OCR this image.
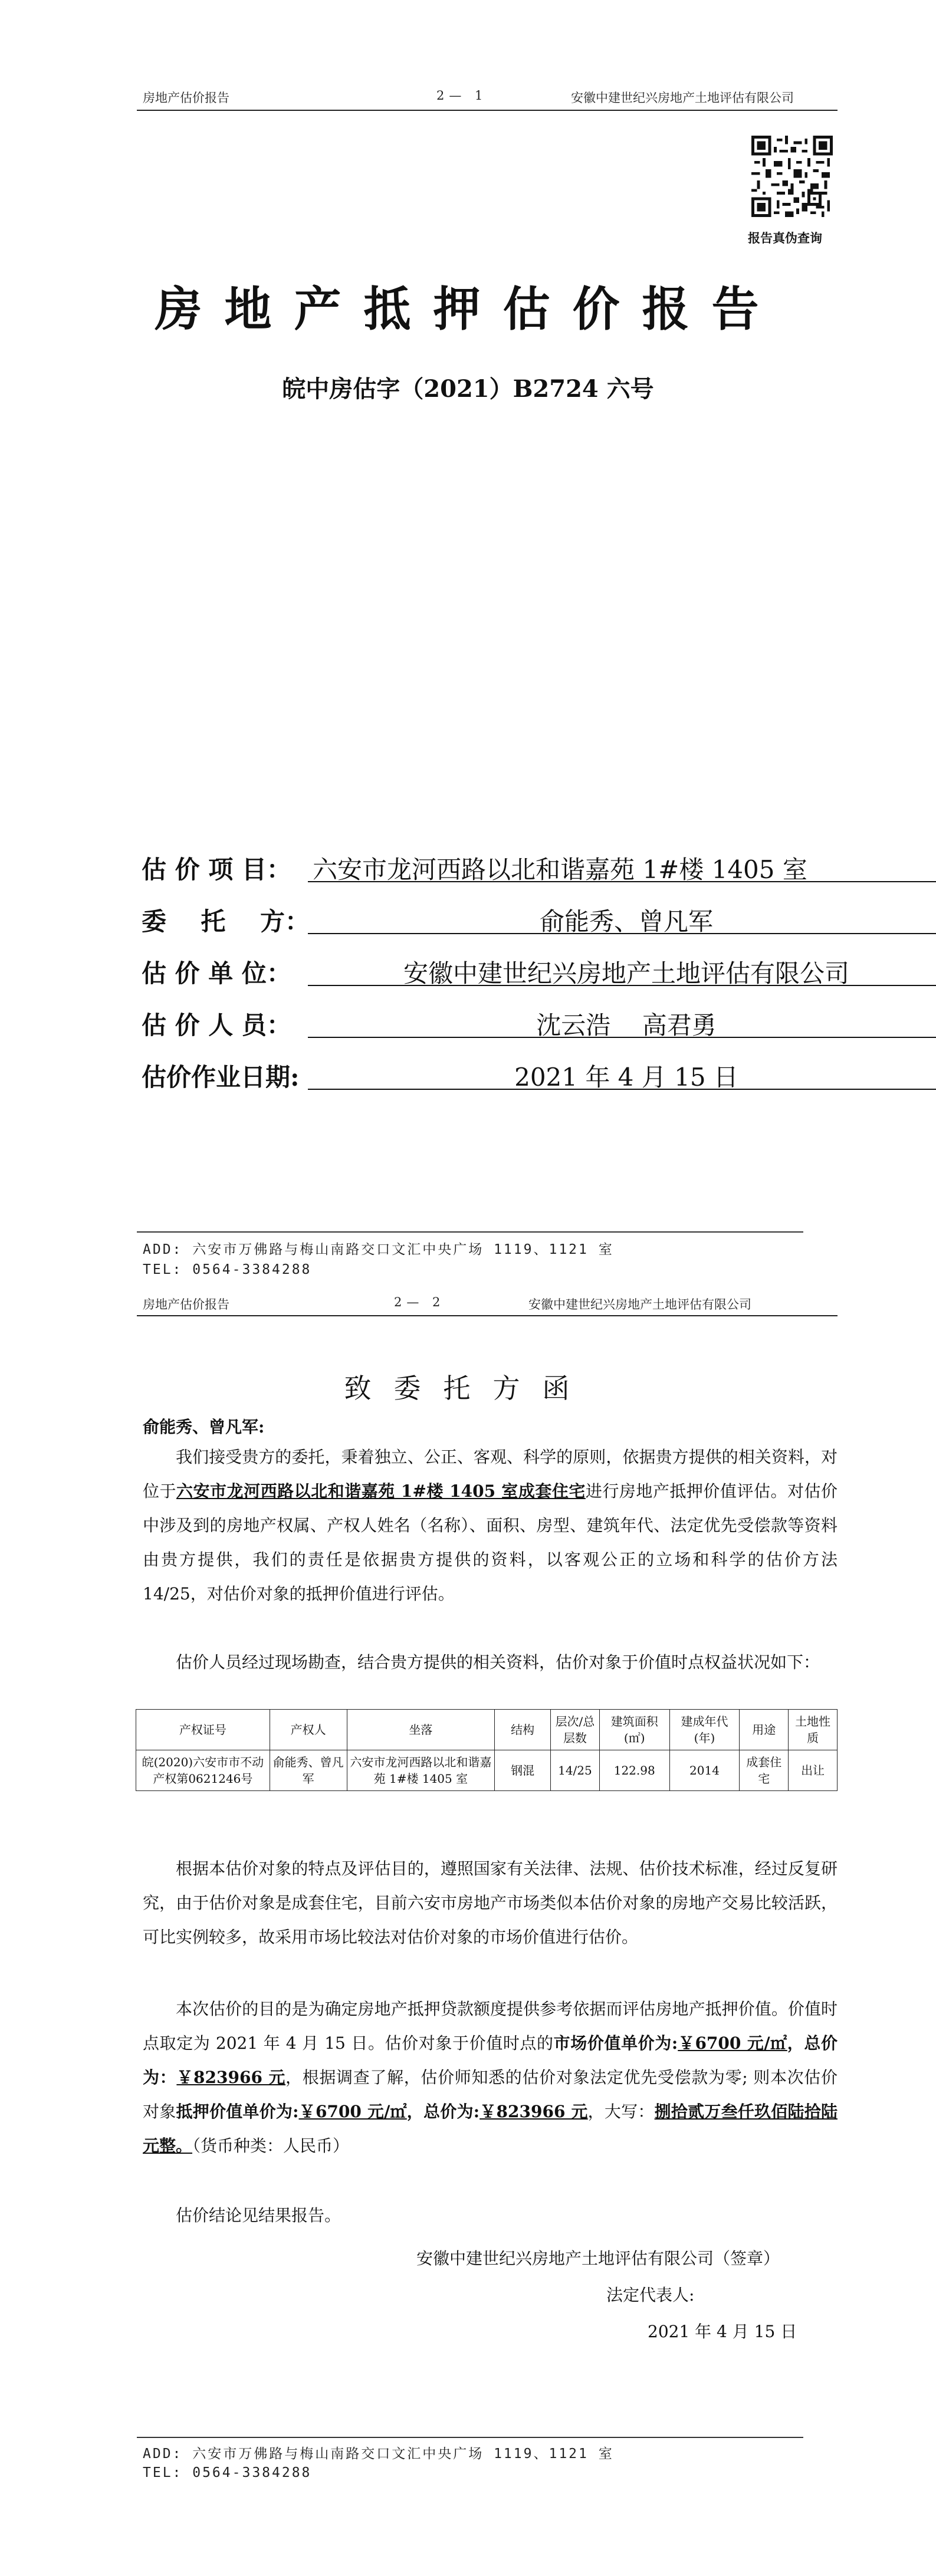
房地产估价报告	2— 1	安徽中建世纪兴房地产土地评估有限公司
报告真伪查询
房地产抵押估价报告
皖中房估字（2021）B2724 六号
估 价 项 目： 六安市龙河西路以北和谐嘉苑 1#楼 1405 室
委    托    方：	俞能秀、曾凡军
估 价 单 位：	安徽中建世纪兴房地产土地评估有限公司
估 价 人 员：	沈云浩    高君勇
估价作业日期:	2021 年 4 月 15 日
ADD: 六安市万佛路与梅山南路交口文汇中央广场 1119、1121 室
TEL: 0564-3384288
房地产估价报告	2— 2	安徽中建世纪兴房地产土地评估有限公司
致委托方函
俞能秀、曾凡军:
我们接受贵方的委托，秉着独立、公正、客观、科学的原则，依据贵方提供的相关资料，对位于六安市龙河西路以北和谐嘉苑 1#楼 1405 室成套住宅进行房地产抵押价值评估。对估价中涉及到的房地产权属、产权人姓名（名称）、面积、房型、建筑年代、法定优先受偿款等资料由贵方提供，我们的责任是依据贵方提供的资料，以客观公正的立场和科学的估价方法 14/25，对估价对象的抵押价值进行评估。
估价人员经过现场勘查，结合贵方提供的相关资料，估价对象于价值时点权益状况如下：
产权证号	产权人	坐落	结构	层次/总层数	建筑面积(㎡)	建成年代(年)	用途	土地性质
皖(2020)六安市市不动产权第0621246号	俞能秀、曾凡军	六安市龙河西路以北和谐嘉苑 1#楼 1405 室	钢混	14/25	122.98	2014	成套住宅	出让
根据本估价对象的特点及评估目的，遵照国家有关法律、法规、估价技术标准，经过反复研究，由于估价对象是成套住宅，目前六安市房地产市场类似本估价对象的房地产交易比较活跃，可比实例较多，故采用市场比较法对估价对象的市场价值进行估价。
本次估价的目的是为确定房地产抵押贷款额度提供参考依据而评估房地产抵押价值。价值时点取定为 2021 年 4 月 15 日。估价对象于价值时点的市场价值单价为:￥6700 元/㎡，总价为：￥823966 元，根据调查了解，估价师知悉的估价对象法定优先受偿款为零; 则本次估价对象抵押价值单价为:￥6700 元/㎡，总价为:￥823966 元，大写：捌拾贰万叁仟玖佰陆拾陆元整。（货币种类：人民币）
估价结论见结果报告。
安徽中建世纪兴房地产土地评估有限公司（签章）
法定代表人:
2021 年 4 月 15 日
ADD: 六安市万佛路与梅山南路交口文汇中央广场 1119、1121 室
TEL: 0564-3384288
